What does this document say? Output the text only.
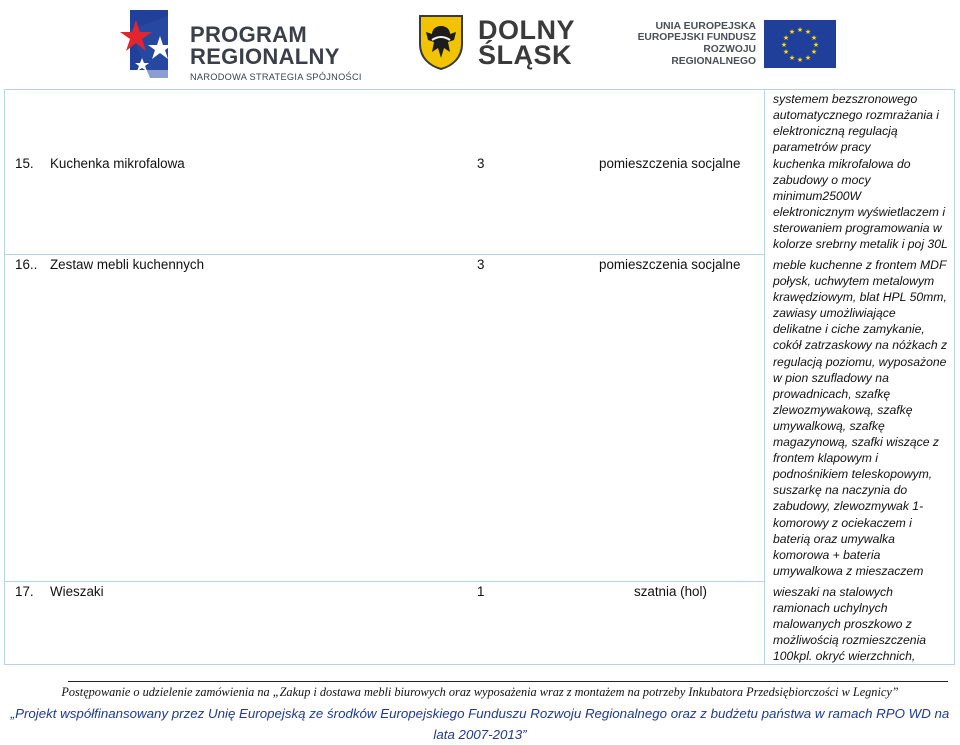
PROGRAM
REGIONALNY
NARODOWA STRATEGIA SPÓJNOŚCI
DOLNY
ŚLĄSK
UNIA EUROPEJSKA
EUROPEJSKI FUNDUSZ
ROZWOJU REGIONALNEGO
★ ★
★
★
★
★
★
★
★
★
★
★
systemem bezszronowego
automatycznego rozmrażania i
elektroniczną regulacją
parametrów pracy
15. Kuchenka mikrofalowa	3	pomieszczenia socjalne	kuchenka mikrofalowa do
zabudowy o mocy
minimum2500W
elektronicznym wyświetlaczem i
sterowaniem programowania w
kolorze srebrny metalik i poj 30L
16.. Zestaw mebli kuchennych	3	pomieszczenia socjalne	meble kuchenne z frontem MDF
połysk, uchwytem metalowym
krawędziowym, blat HPL 50mm,
zawiasy umożliwiające
delikatne i ciche zamykanie,
cokół zatrzaskowy na nóżkach z
regulacją poziomu, wyposażone
w pion szufladowy na
prowadnicach, szafkę
zlewozmywakową, szafkę
umywalkową, szafkę
magazynową, szafki wiszące z
frontem klapowym i
podnośnikiem teleskopowym,
suszarkę na naczynia do
zabudowy, zlewozmywak 1-
komorowy z ociekaczem i
baterią oraz umywalka
komorowa + bateria
umywalkowa z mieszaczem
17. Wieszaki	1	szatnia (hol)	wieszaki na stalowych
ramionach uchylnych
malowanych proszkowo z
możliwością rozmieszczenia
100kpl. okryć wierzchnich,
Postępowanie o udzielenie zamówienia na „Zakup i dostawa mebli biurowych oraz wyposażenia wraz z montażem na potrzeby Inkubatora Przedsiębiorczości w Legnicy”
„Projekt współfinansowany przez Unię Europejską ze środków Europejskiego Funduszu Rozwoju Regionalnego oraz z budżetu państwa w ramach RPO WD na
lata 2007-2013”
